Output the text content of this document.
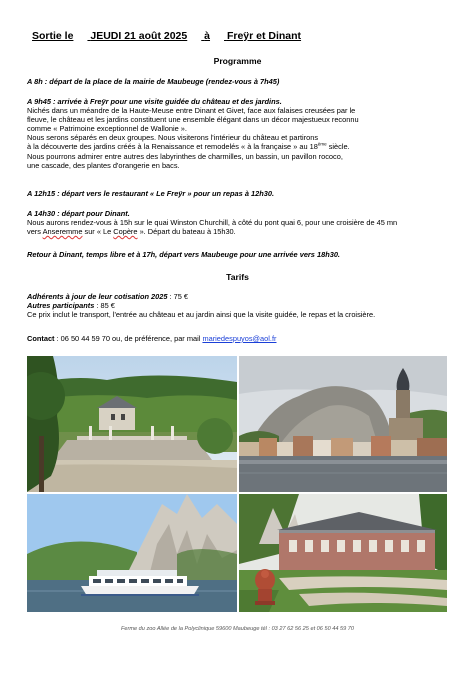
Sortie le JEUDI 21 août 2025 à Freÿr et Dinant
Programme

A 8h : départ de la place de la mairie de Maubeuge (rendez-vous à 7h45)

A 9h45 : arrivée à Freÿr pour une visite guidée du château et des jardins.

Nichés dans un méandre de la Haute-Meuse entre Dinant et Givet, face aux falaises creusées par le

fleuve, le château et les jardins constituent une ensemble élégant dans un décor majestueux reconnu

comme « Patrimoine exceptionnel de Wallonie ».

Nous serons séparés en deux groupes. Nous visiterons l'intérieur du château et partirons

à la découverte des jardins créés à la Renaissance et remodelés « à la française » au 18ème siècle.

Nous pourrons admirer entre autres des labyrinthes de charmilles, un bassin, un pavillon rococo,

une cascade, des plantes d'orangerie en bacs.

A 12h15 : départ vers le restaurant « Le Freÿr » pour un repas à 12h30.

A 14h30 : départ pour Dinant.

Nous aurons rendez-vous à 15h sur le quai Winston Churchill, à côté du pont quai 6, pour une croisière de 45 mn

vers Anseremme sur « Le Copère ». Départ du bateau à 15h30.

Retour à Dinant, temps libre et à 17h, départ vers Maubeuge pour une arrivée vers 18h30.

Tarifs

Adhérents à jour de leur cotisation 2025 : 75 €

Autres participants : 85 €

Ce prix inclut le transport, l'entrée au château et au jardin ainsi que la visite guidée, le repas et la croisière.

Contact : 06 50 44 59 70 ou, de préférence, par mail mariedespuyos@aol.fr

Ferme du zoo Allée de la Polyclinique 59600 Maubeuge tél : 03 27 62 56 25 et 06 50 44 59 70
